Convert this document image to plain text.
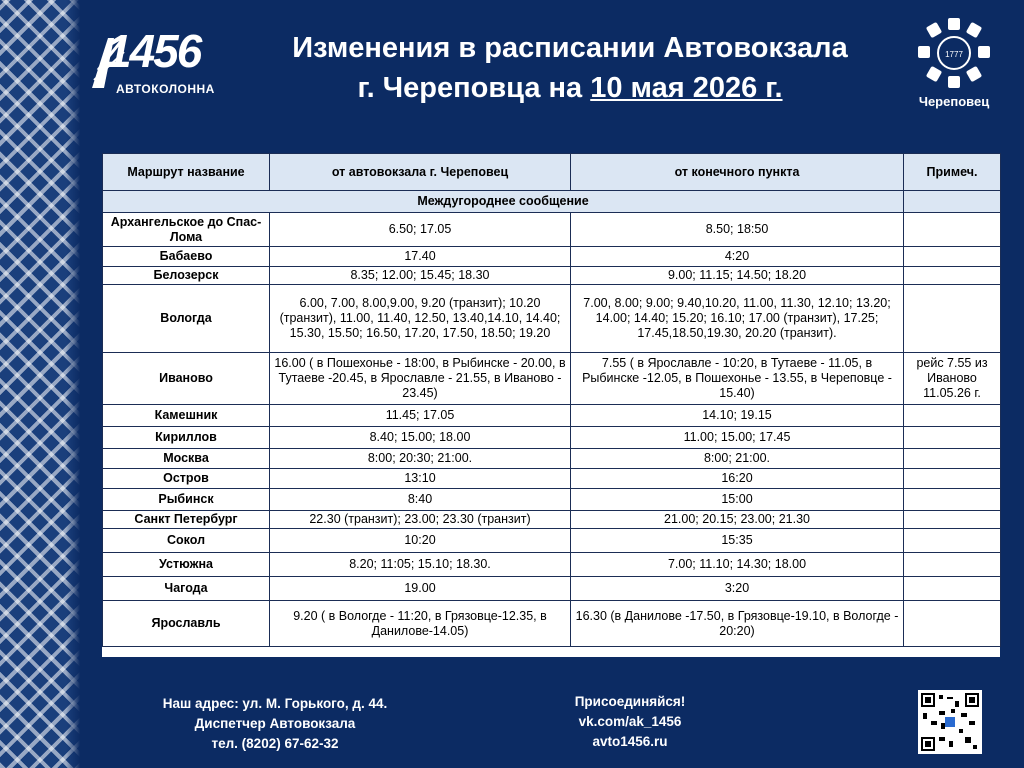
1456
АВТОКОЛОННА
Изменения в расписании Автовокзала
г. Череповца на 10 мая 2026 г.
1777
Череповец
Маршрут название	от автовокзала г. Череповец	от конечного пункта	Примеч.
Междугороднее сообщение			
Архангельское до Спас-Лома	6.50; 17.05	8.50; 18:50	
Бабаево	17.40	4:20	
Белозерск	8.35; 12.00; 15.45; 18.30	9.00; 11.15; 14.50; 18.20	
Вологда	6.00, 7.00, 8.00,9.00, 9.20 (транзит); 10.20 (транзит), 11.00, 11.40, 12.50, 13.40,14.10, 14.40; 15.30, 15.50; 16.50, 17.20, 17.50, 18.50; 19.20	7.00, 8.00; 9.00; 9.40,10.20, 11.00, 11.30, 12.10; 13.20; 14.00; 14.40; 15.20; 16.10; 17.00 (транзит), 17.25; 17.45,18.50,19.30, 20.20 (транзит).	
Иваново	16.00 ( в Пошехонье - 18:00, в Рыбинске - 20.00, в Тутаеве -20.45, в Ярославле - 21.55, в Иваново - 23.45)	7.55 ( в Ярославле - 10:20, в Тутаеве - 11.05, в Рыбинске -12.05, в Пошехонье - 13.55, в Череповце - 15.40)	рейс 7.55 из Иваново 11.05.26 г.
Камешник	11.45; 17.05	14.10; 19.15	
Кириллов	8.40; 15.00; 18.00	11.00; 15.00; 17.45	
Москва	8:00; 20:30; 21:00.	8:00; 21:00.	
Остров	13:10	16:20	
Рыбинск	8:40	15:00	
Санкт Петербург	22.30 (транзит); 23.00; 23.30 (транзит)	21.00; 20.15; 23.00; 21.30	
Сокол	10:20	15:35	
Устюжна	8.20; 11:05; 15.10; 18.30.	7.00; 11.10; 14.30; 18.00	
Чагода	19.00	3:20	
Ярославль	9.20 ( в Вологде - 11:20, в Грязовце-12.35, в Данилове-14.05)	16.30 (в Данилове -17.50, в Грязовце-19.10, в Вологде - 20:20)	
Наш адрес: ул. М. Горького, д. 44.
Диспетчер Автовокзала
тел. (8202) 67-62-32
Присоединяйся!
vk.com/ak_1456
avto1456.ru
